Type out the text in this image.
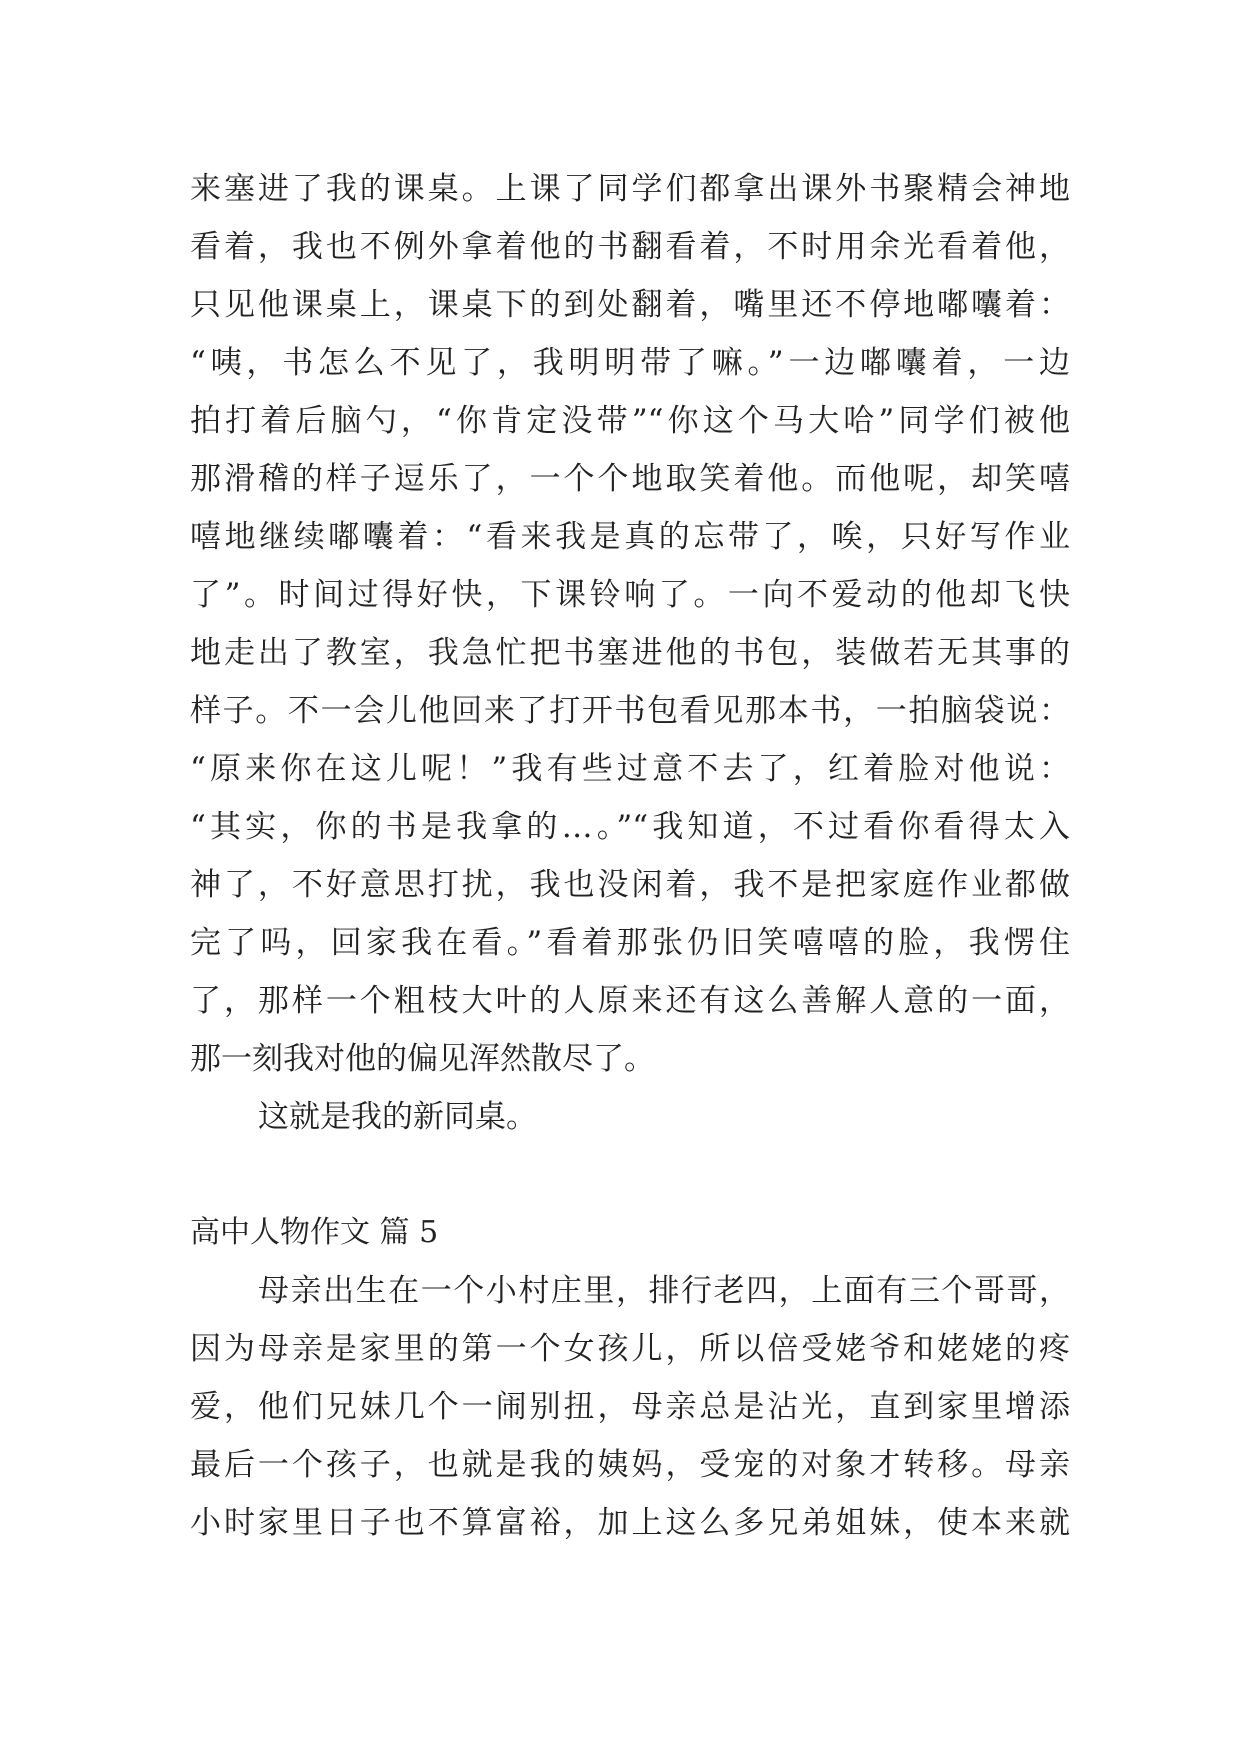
来塞进了我的课桌。上课了同学们都拿出课外书聚精会神地
看着，我也不例外拿着他的书翻看着，不时用余光看着他，
只见他课桌上，课桌下的到处翻着，嘴里还不停地嘟囔着：
“咦，书怎么不见了，我明明带了嘛。”一边嘟囔着，一边
拍打着后脑勺，“你肯定没带”“你这个马大哈”同学们被他
那滑稽的样子逗乐了，一个个地取笑着他。而他呢，却笑嘻
嘻地继续嘟囔着：“看来我是真的忘带了，唉，只好写作业
了”。时间过得好快，下课铃响了。一向不爱动的他却飞快
地走出了教室，我急忙把书塞进他的书包，装做若无其事的
样子。不一会儿他回来了打开书包看见那本书，一拍脑袋说：
“原来你在这儿呢！”我有些过意不去了，红着脸对他说：
“其实，你的书是我拿的…。”“我知道，不过看你看得太入
神了，不好意思打扰，我也没闲着，我不是把家庭作业都做
完了吗，回家我在看。”看着那张仍旧笑嘻嘻的脸，我愣住
了，那样一个粗枝大叶的人原来还有这么善解人意的一面，
那一刻我对他的偏见浑然散尽了。
这就是我的新同桌。
高中人物作文 篇 5
母亲出生在一个小村庄里，排行老四，上面有三个哥哥，
因为母亲是家里的第一个女孩儿，所以倍受姥爷和姥姥的疼
爱，他们兄妹几个一闹别扭，母亲总是沾光，直到家里增添
最后一个孩子，也就是我的姨妈，受宠的对象才转移。母亲
小时家里日子也不算富裕，加上这么多兄弟姐妹，使本来就
